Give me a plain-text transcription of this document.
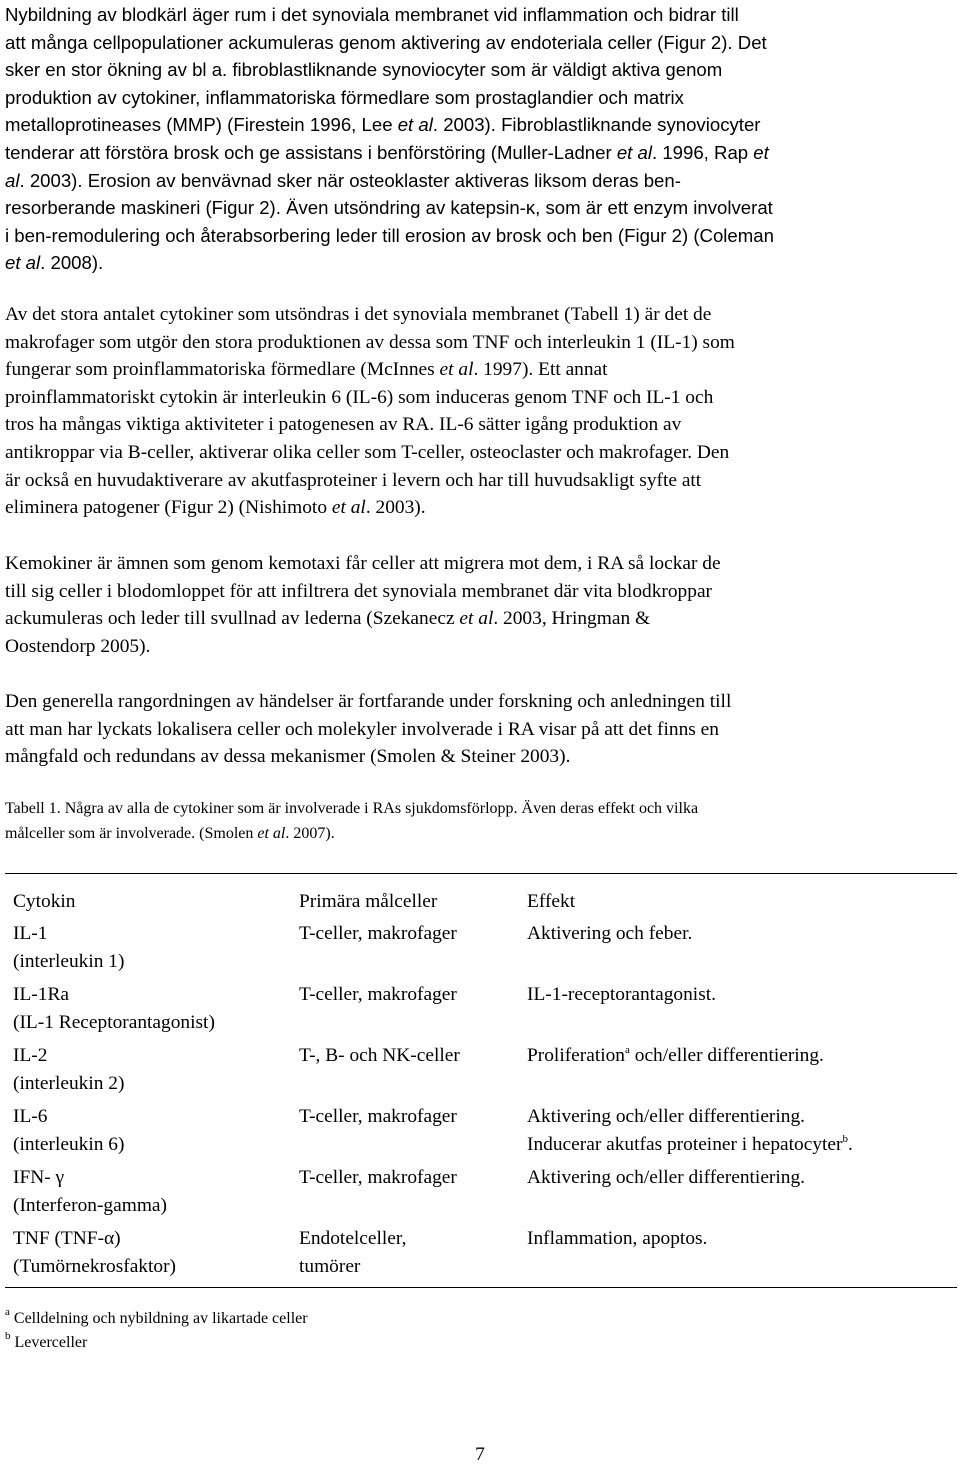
Nybildning av blodkärl äger rum i det synoviala membranet vid inflammation och bidrar till
att många cellpopulationer ackumuleras genom aktivering av endoteriala celler (Figur 2). Det
sker en stor ökning av bl a. fibroblastliknande synoviocyter som är väldigt aktiva genom
produktion av cytokiner, inflammatoriska förmedlare som prostaglandier och matrix
metalloprotineases (MMP) (Firestein 1996, Lee et al. 2003). Fibroblastliknande synoviocyter
tenderar att förstöra brosk och ge assistans i benförstöring (Muller-Ladner et al. 1996, Rap et
al. 2003). Erosion av benvävnad sker när osteoklaster aktiveras liksom deras ben-
resorberande maskineri (Figur 2). Även utsöndring av katepsin-κ, som är ett enzym involverat
i ben-remodulering och återabsorbering leder till erosion av brosk och ben (Figur 2) (Coleman
et al. 2008).

Av det stora antalet cytokiner som utsöndras i det synoviala membranet (Tabell 1) är det de
makrofager som utgör den stora produktionen av dessa som TNF och interleukin 1 (IL-1) som
fungerar som proinflammatoriska förmedlare (McInnes et al. 1997). Ett annat
proinflammatoriskt cytokin är interleukin 6 (IL-6) som induceras genom TNF och IL-1 och
tros ha mångas viktiga aktiviteter i patogenesen av RA. IL-6 sätter igång produktion av
antikroppar via B-celler, aktiverar olika celler som T-celler, osteoclaster och makrofager. Den
är också en huvudaktiverare av akutfasproteiner i levern och har till huvudsakligt syfte att
eliminera patogener (Figur 2) (Nishimoto et al. 2003).

Kemokiner är ämnen som genom kemotaxi får celler att migrera mot dem, i RA så lockar de
till sig celler i blodomloppet för att infiltrera det synoviala membranet där vita blodkroppar
ackumuleras och leder till svullnad av lederna (Szekanecz et al. 2003, Hringman &
Oostendorp 2005).

Den generella rangordningen av händelser är fortfarande under forskning och anledningen till
att man har lyckats lokalisera celler och molekyler involverade i RA visar på att det finns en
mångfald och redundans av dessa mekanismer (Smolen & Steiner 2003).

Tabell 1. Några av alla de cytokiner som är involverade i RAs sjukdomsförlopp. Även deras effekt och vilka
målceller som är involverade. (Smolen et al. 2007).

Cytokin	Primära målceller	Effekt
IL-1
(interleukin 1)	T-celler, makrofager	Aktivering och feber.
IL-1Ra
(IL-1 Receptorantagonist)	T-celler, makrofager	IL-1-receptorantagonist.
IL-2
(interleukin 2)	T-, B- och NK-celler	Proliferation$^a$ och/eller differentiering.
IL-6
(interleukin 6)	T-celler, makrofager	Aktivering och/eller differentiering.
Inducerar akutfas proteiner i hepatocyter$^b$.
IFN- γ
(Interferon-gamma)	T-celler, makrofager	Aktivering och/eller differentiering.
TNF (TNF-α)
(Tumörnekrosfaktor)	Endotelceller,
tumörer	Inflammation, apoptos.

$^a$ Celldelning och nybildning av likartade celler

$^b$ Leverceller

7
